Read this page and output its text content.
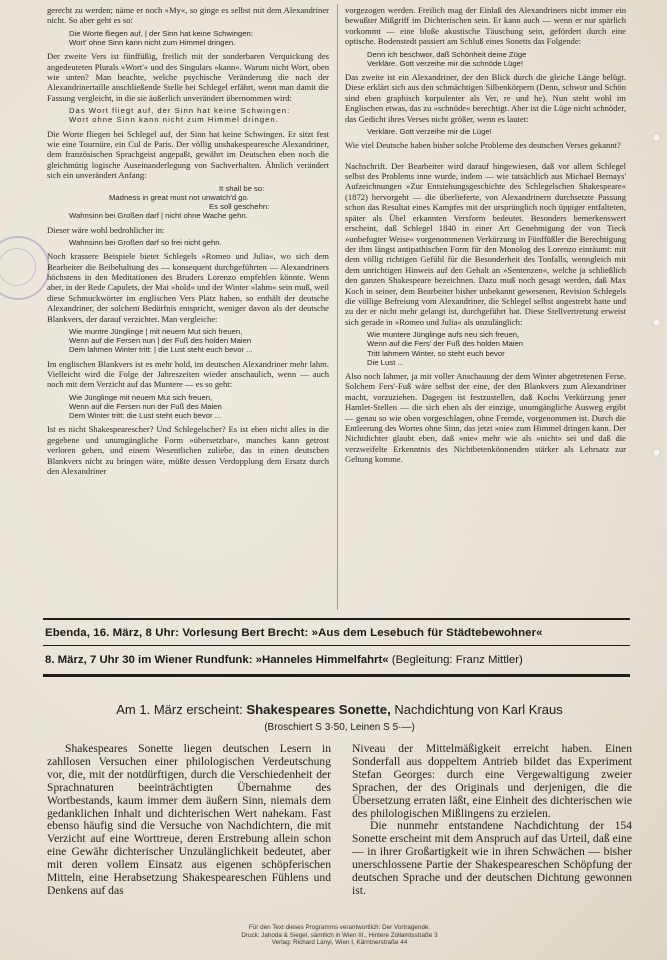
gerecht zu werden; näme er noch »My«, so ginge es selbst mit dem Alexandriner nicht. So aber geht es so:

Die Worte fliegen auf, | der Sinn hat keine Schwingen:
Wort' ohne Sinn kann nicht zum Himmel dringen.

Der zweite Vers ist fünffüßig, freilich mit der sonderbaren Verquickung des angedeuteten Plurals »Wort'« und des Singulars »kann«. Warum nicht Wort, oben wie unten? Man beachte, welche psychische Veränderung die nach der Alexandrinertaille anschließende Stelle bei Schlegel erfährt, wenn man damit die Fassung vergleicht, in die sie äußerlich unverändert übernommen wird:

Das Wort fliegt auf, der Sinn hat keine Schwingen:
Wort ohne Sinn kann nicht zum Himmel dringen.

Die Worte fliegen bei Schlegel auf, der Sinn hat keine Schwingen. Er sitzt fest wie eine Tournüre, ein Cul de Paris. Der völlig unshakespearesche Alexandriner, dem französischen Sprachgeist angepaßt, gewährt im Deutschen eben noch die gleichmütig logische Auseinanderlegung von Sachverhalten. Ähnlich verändert sich ein unverändert Anfang:

It shall be so:
Madness in great must not unwatch'd go.
Es soll geschehn:
Wahnsinn bei Großen darf | nicht ohne Wache gehn.

Dieser wäre wohl bedrohlicher in:

Wahnsinn bei Großen darf so frei nicht gehn.

Noch krassere Beispiele bietet Schlegels »Romeo und Julia«, wo sich dem Bearbeiter die Beibehaltung des — konsequent durchgeführten — Alexandriners höchstens in den Meditationen des Bruders Lorenzo empfehlen könnte. Wenn aber, in der Rede Capulets, der Mai »hold« und der Winter »lahm« sein muß, weil diese Schmuckwörter im englischen Vers Platz haben, so enthält der deutsche Alexandriner, der solchem Bedürfnis entspricht, weniger davon als der deutsche Blankvers, der darauf verzichtet. Man vergleiche:

Wie muntre Jünglinge | mit neuem Mut sich freuen,
Wenn auf die Fersen nun | der Fuß des holden Maien
Dem lahmen Winter tritt: | die Lust steht euch bevor ...

Im englischen Blankvers ist es mehr hold, im deutschen Alexandriner mehr lahm. Vielleicht wird die Folge der Jahreszeiten wieder anschaulich, wenn — auch noch mit dem Verzicht auf das Muntere — es so geht:

Wie Jünglinge mit neuem Mut sich freuen,
Wenn auf die Fersen nun der Fuß des Maien
Dem Winter tritt: die Lust steht euch bevor ...

Ist es nicht Shakespearescher? Und Schlegelscher? Es ist eben nicht alles in die gegebene und unumgängliche Form »übersetzbar«, manches kann getrost verloren gehen, und einem Wesentlichen zuliebe, das in einen deutschen Blankvers nicht zu bringen wäre, müßte dessen Verdopplung dem Ersatz durch den Alexandriner

vorgezogen werden. Freilich mag der Einlaß des Alexandriners nicht immer ein bewußter Mißgriff im Dichterischen sein. Er kann auch — wenn er nur spärlich vorkommt — eine bloße akustische Täuschung sein, gefördert durch eine optische. Bodenstedt passiert am Schluß eines Sonetts das Folgende:

Denn ich beschwor, daß Schönheit deine Züge
Verkläre. Gott verzeihe mir die schnöde Lüge!

Das zweite ist ein Alexandriner, der den Blick durch die gleiche Länge belügt. Diese erklärt sich aus den schmächtigen Silbenkörpern (Denn, schwor und Schön sind eben graphisch korpulenter als Ver, re und he). Nun steht wohl im Englischen etwas, das zu »schnöde« berechtigt. Aber ist die Lüge nicht schnöder, das Gedicht ihres Verses nicht größer, wenn es lautet:

Verkläre. Gott verzeihe mir die Lüge!

Wie viel Deutsche haben bisher solche Probleme des deutschen Verses gekannt?

Nachschrift. Der Bearbeiter wird darauf hingewiesen, daß vor allem Schlegel selbst des Problems inne wurde, indem — wie tatsächlich aus Michael Bernays' Aufzeichnungen »Zur Entstehungsgeschichte des Schlegelschen Shakespeare« (1872) hervorgeht — die überlieferte, von Alexandrinern durchsetzte Passung schon das Resultat eines Kampfes mit der ursprünglich noch üppiger entfalteten, später als Übel erkannten Versform bedeutet. Besonders bemerkenswert erscheint, daß Schlegel 1840 in einer Art Genehmigung der von Tieck »unbefugter Weise« vorgenommenen Verkürzung in Fünffüßler die Berechtigung der ihm längst antipathischen Form für den Monolog des Lorenzo einräumt: mit dem völlig richtigen Gefühl für die Besonderheit des Tonfalls, wenngleich mit dem unrichtigen Hinweis auf den Gehalt an »Sentenzen«, welche ja schließlich den ganzen Shakespeare bezeichnen. Dazu muß noch gesagt werden, daß Max Koch in seiner, dem Bearbeiter bisher unbekannt gewesenen, Revision Schlegels die völlige Befreiung vom Alexandriner, die Schlegel selbst angestrebt hatte und zu der er nicht mehr gelangt ist, durchgeführt hat. Diese Stellvertretung erweist sich gerade in »Romeo und Julia« als unzulänglich:

Wie muntere Jünglinge aufs neu sich freuen,
Wenn auf die Fers' der Fuß des holden Maien
Tritt lahmem Winter, so steht euch bevor
Die Lust ...

Also noch lahmer, ja mit voller Anschauung der dem Winter abgetretenen Ferse. Solchem Fers'-Fuß wäre selbst der eine, der den Blankvers zum Alexandriner macht, vorzuziehen. Dagegen ist festzustellen, daß Kochs Verkürzung jener Hamlet-Stellen — die sich eben als der einzige, unumgängliche Ausweg ergibt — genau so wie oben vorgeschlagen, ohne Fremde, vorgenommen ist. Durch die Entleerung des Wortes ohne Sinn, das jetzt »nie« zum Himmel dringen kann. Der Nichtdichter glaubt eben, daß »nie« mehr wie als »nicht« sei und daß die verzweifelte Erkenntnis des Nichtbetenkönnenden stärker als Lehrsatz zur Geltung komme.

Ebenda, 16. März, 8 Uhr: Vorlesung Bert Brecht: »Aus dem Lesebuch für Städtebewohner«
8. März, 7 Uhr 30 im Wiener Rundfunk: »Hanneles Himmelfahrt« (Begleitung: Franz Mittler)
Am 1. März erscheint: Shakespeares Sonette, Nachdichtung von Karl Kraus
(Broschiert S 3·50, Leinen S 5·—)

Shakespeares Sonette liegen deutschen Lesern in zahllosen Versuchen einer philologischen Verdeutschung vor, die, mit der notdürftigen, durch die Verschiedenheit der Sprachnaturen beeinträchtigten Übernahme des Wortbestands, kaum immer dem äußern Sinn, niemals dem gedanklichen Inhalt und dichterischen Wert nahekam. Fast ebenso häufig sind die Versuche von Nachdichtern, die mit Verzicht auf eine Worttreue, deren Erstrebung allein schon eine Gewähr dichterischer Unzulänglichkeit bedeutet, aber mit deren vollem Einsatz aus eigenen schöpferischen Mitteln, eine Herabsetzung Shakespeareschen Fühlens und Denkens auf das

Niveau der Mittelmäßigkeit erreicht haben. Einen Sonderfall aus doppeltem Antrieb bildet das Experiment Stefan Georges: durch eine Vergewaltigung zweier Sprachen, der des Originals und derjenigen, die die Übersetzung erraten läßt, eine Einheit des dichterischen wie des philologischen Mißlingens zu erzielen.

Die nunmehr entstandene Nachdichtung der 154 Sonette erscheint mit dem Anspruch auf das Urteil, daß eine — in ihrer Großartigkeit wie in ihren Schwächen — bisher unerschlossene Partie der Shakespeareschen Schöpfung der deutschen Sprache und der deutschen Dichtung gewonnen ist.

Für den Text dieses Programms verantwortlich: Der Vortragende.
Druck: Jahoda & Siegel, sämtlich in Wien III., Hintere Zollamtsstraße 3
Verlag: Richard Lányi, Wien I, Kärntnerstraße 44
